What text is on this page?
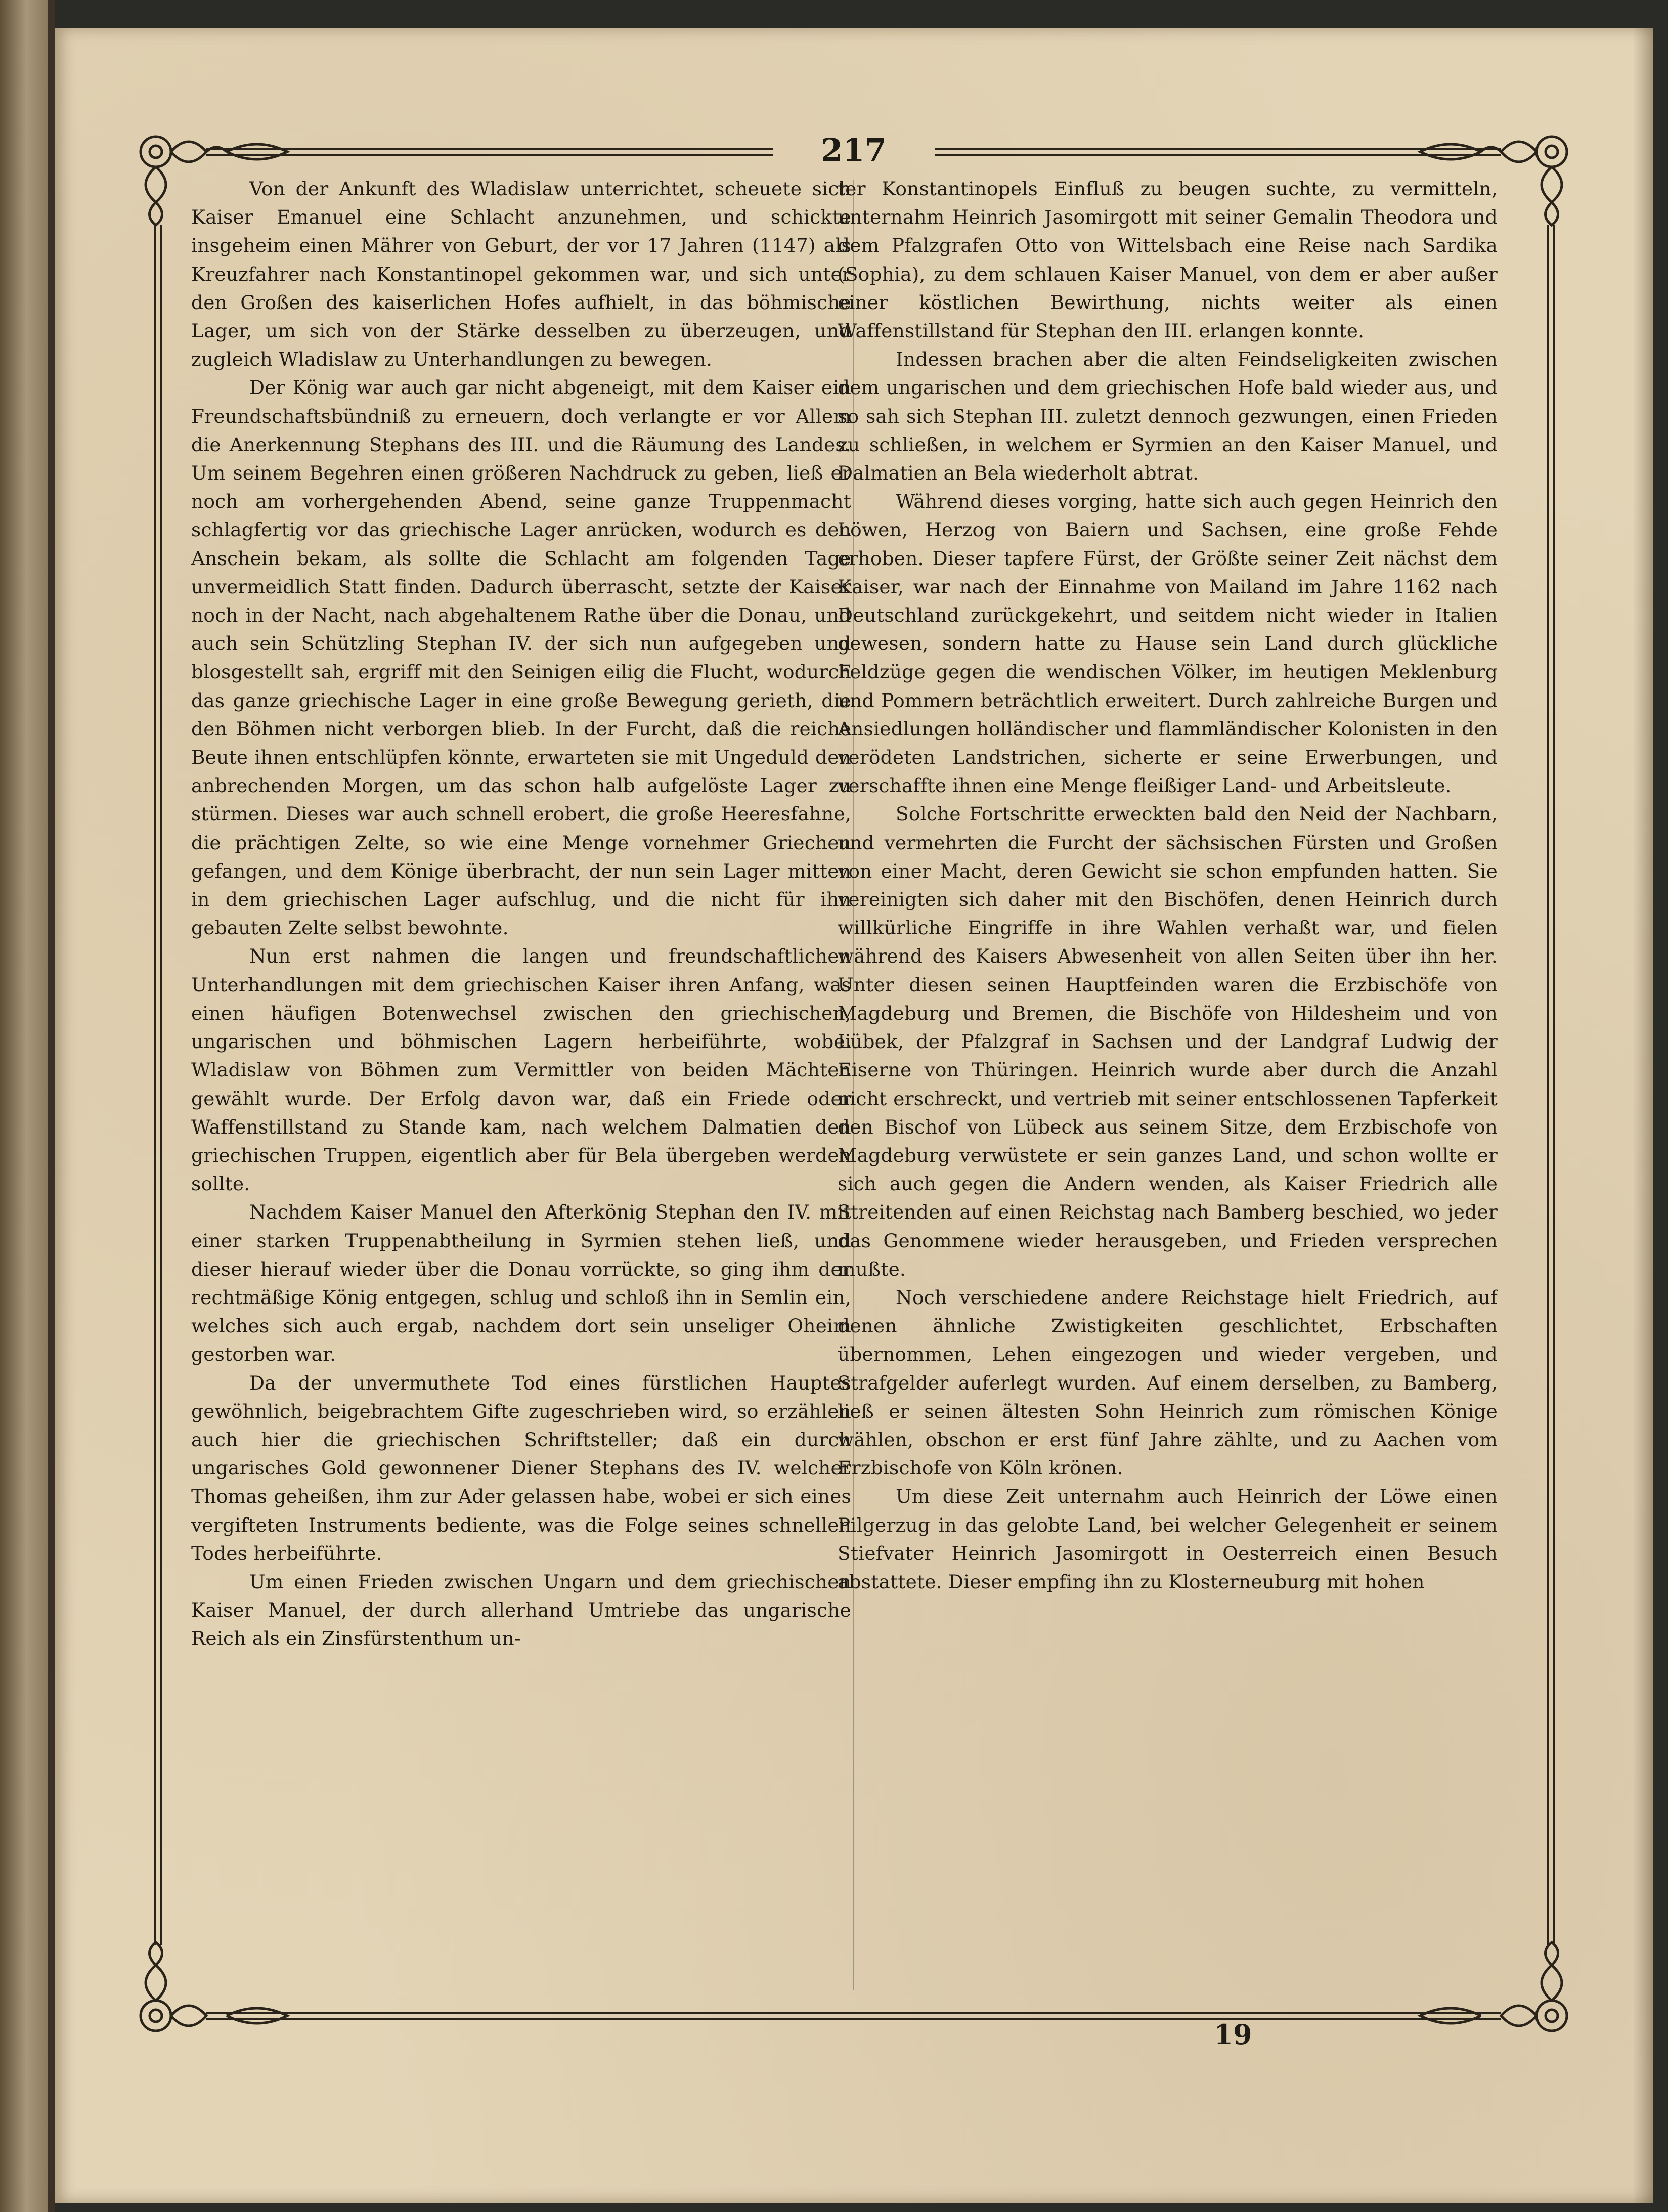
217

Von der Ankunft des Wladislaw unterrichtet, scheuete sich Kaiser Emanuel eine Schlacht anzunehmen, und schickte insgeheim einen Mährer von Geburt, der vor 17 Jahren (1147) als Kreuzfahrer nach Konstantinopel gekommen war, und sich unter den Großen des kaiserlichen Hofes aufhielt, in das böhmische Lager, um sich von der Stärke desselben zu überzeugen, und zugleich Wladislaw zu Unterhandlungen zu bewegen.

Der König war auch gar nicht abgeneigt, mit dem Kaiser ein Freundschaftsbündniß zu erneuern, doch verlangte er vor Allem die Anerkennung Stephans des III. und die Räumung des Landes. Um seinem Begehren einen größeren Nachdruck zu geben, ließ er noch am vorhergehenden Abend, seine ganze Truppenmacht schlagfertig vor das griechische Lager anrücken, wodurch es den Anschein bekam, als sollte die Schlacht am folgenden Tage unvermeidlich Statt finden. Dadurch überrascht, setzte der Kaiser noch in der Nacht, nach abgehaltenem Rathe über die Donau, und auch sein Schützling Stephan IV. der sich nun aufgegeben und blosgestellt sah, ergriff mit den Seinigen eilig die Flucht, wodurch das ganze griechische Lager in eine große Bewegung gerieth, die den Böhmen nicht verborgen blieb. In der Furcht, daß die reiche Beute ihnen entschlüpfen könnte, erwarteten sie mit Ungeduld den anbrechenden Morgen, um das schon halb aufgelöste Lager zu stürmen. Dieses war auch schnell erobert, die große Heeresfahne, die prächtigen Zelte, so wie eine Menge vornehmer Griechen gefangen, und dem Könige überbracht, der nun sein Lager mitten in dem griechischen Lager aufschlug, und die nicht für ihn gebauten Zelte selbst bewohnte.

Nun erst nahmen die langen und freundschaftlichen Unterhandlungen mit dem griechischen Kaiser ihren Anfang, was einen häufigen Botenwechsel zwischen den griechischen, ungarischen und böhmischen Lagern herbeiführte, wobei Wladislaw von Böhmen zum Vermittler von beiden Mächten gewählt wurde. Der Erfolg davon war, daß ein Friede oder Waffenstillstand zu Stande kam, nach welchem Dalmatien den griechischen Truppen, eigentlich aber für Bela übergeben werden sollte.

Nachdem Kaiser Manuel den Afterkönig Stephan den IV. mit einer starken Truppenabtheilung in Syrmien stehen ließ, und dieser hierauf wieder über die Donau vorrückte, so ging ihm der rechtmäßige König entgegen, schlug und schloß ihn in Semlin ein, welches sich auch ergab, nachdem dort sein unseliger Oheim gestorben war.

Da der unvermuthete Tod eines fürstlichen Hauptes gewöhnlich, beigebrachtem Gifte zugeschrieben wird, so erzählen auch hier die griechischen Schriftsteller; daß ein durch ungarisches Gold gewonnener Diener Stephans des IV. welcher Thomas geheißen, ihm zur Ader gelassen habe, wobei er sich eines vergifteten Instruments bediente, was die Folge seines schnellen Todes herbeiführte.

Um einen Frieden zwischen Ungarn und dem griechischen Kaiser Manuel, der durch allerhand Umtriebe das ungarische Reich als ein Zinsfürstenthum un-

ter Konstantinopels Einfluß zu beugen suchte, zu vermitteln, unternahm Heinrich Jasomirgott mit seiner Gemalin Theodora und dem Pfalzgrafen Otto von Wittelsbach eine Reise nach Sardika (Sophia), zu dem schlauen Kaiser Manuel, von dem er aber außer einer köstlichen Bewirthung, nichts weiter als einen Waffenstillstand für Stephan den III. erlangen konnte.

Indessen brachen aber die alten Feindseligkeiten zwischen dem ungarischen und dem griechischen Hofe bald wieder aus, und so sah sich Stephan III. zuletzt dennoch gezwungen, einen Frieden zu schließen, in welchem er Syrmien an den Kaiser Manuel, und Dalmatien an Bela wiederholt abtrat.

Während dieses vorging, hatte sich auch gegen Heinrich den Löwen, Herzog von Baiern und Sachsen, eine große Fehde erhoben. Dieser tapfere Fürst, der Größte seiner Zeit nächst dem Kaiser, war nach der Einnahme von Mailand im Jahre 1162 nach Deutschland zurückgekehrt, und seitdem nicht wieder in Italien gewesen, sondern hatte zu Hause sein Land durch glückliche Feldzüge gegen die wendischen Völker, im heutigen Meklenburg und Pommern beträchtlich erweitert. Durch zahlreiche Burgen und Ansiedlungen holländischer und flammländischer Kolonisten in den verödeten Landstrichen, sicherte er seine Erwerbungen, und verschaffte ihnen eine Menge fleißiger Land- und Arbeitsleute.

Solche Fortschritte erweckten bald den Neid der Nachbarn, und vermehrten die Furcht der sächsischen Fürsten und Großen von einer Macht, deren Gewicht sie schon empfunden hatten. Sie vereinigten sich daher mit den Bischöfen, denen Heinrich durch willkürliche Eingriffe in ihre Wahlen verhaßt war, und fielen während des Kaisers Abwesenheit von allen Seiten über ihn her. Unter diesen seinen Hauptfeinden waren die Erzbischöfe von Magdeburg und Bremen, die Bischöfe von Hildesheim und von Lübek, der Pfalzgraf in Sachsen und der Landgraf Ludwig der Eiserne von Thüringen. Heinrich wurde aber durch die Anzahl nicht erschreckt, und vertrieb mit seiner entschlossenen Tapferkeit den Bischof von Lübeck aus seinem Sitze, dem Erzbischofe von Magdeburg verwüstete er sein ganzes Land, und schon wollte er sich auch gegen die Andern wenden, als Kaiser Friedrich alle Streitenden auf einen Reichstag nach Bamberg beschied, wo jeder das Genommene wieder herausgeben, und Frieden versprechen mußte.

Noch verschiedene andere Reichstage hielt Friedrich, auf denen ähnliche Zwistigkeiten geschlichtet, Erbschaften übernommen, Lehen eingezogen und wieder vergeben, und Strafgelder auferlegt wurden. Auf einem derselben, zu Bamberg, ließ er seinen ältesten Sohn Heinrich zum römischen Könige wählen, obschon er erst fünf Jahre zählte, und zu Aachen vom Erzbischofe von Köln krönen.

Um diese Zeit unternahm auch Heinrich der Löwe einen Pilgerzug in das gelobte Land, bei welcher Gelegenheit er seinem Stiefvater Heinrich Jasomirgott in Oesterreich einen Besuch abstattete. Dieser empfing ihn zu Klosterneuburg mit hohen

19
